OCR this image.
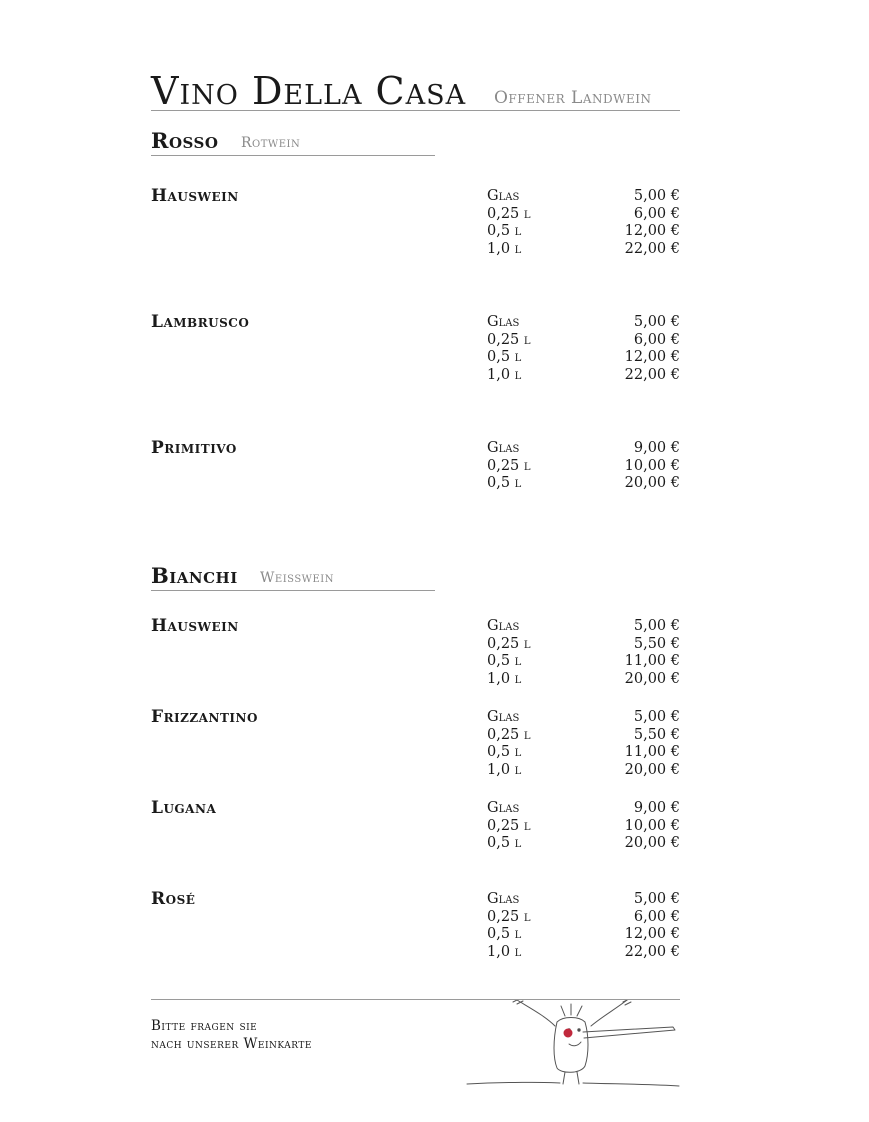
Vino Della Casa Offener Landwein
Rosso Rotwein
Hauswein	Glas	5,00 €
0,25 l	6,00 €
0,5 l	12,00 €
1,0 l	22,00 €
Lambrusco	Glas	5,00 €
0,25 l	6,00 €
0,5 l	12,00 €
1,0 l	22,00 €
Primitivo	Glas	9,00 €
0,25 l	10,00 €
0,5 l	20,00 €
Bianchi Weisswein
Hauswein	Glas	5,00 €
0,25 l	5,50 €
0,5 l	11,00 €
1,0 l	20,00 €
Frizzantino	Glas	5,00 €
0,25 l	5,50 €
0,5 l	11,00 €
1,0 l	20,00 €
Lugana	Glas	9,00 €
0,25 l	10,00 €
0,5 l	20,00 €
Rosé	Glas	5,00 €
0,25 l	6,00 €
0,5 l	12,00 €
1,0 l	22,00 €
Bitte fragen sie
nach unserer Weinkarte
